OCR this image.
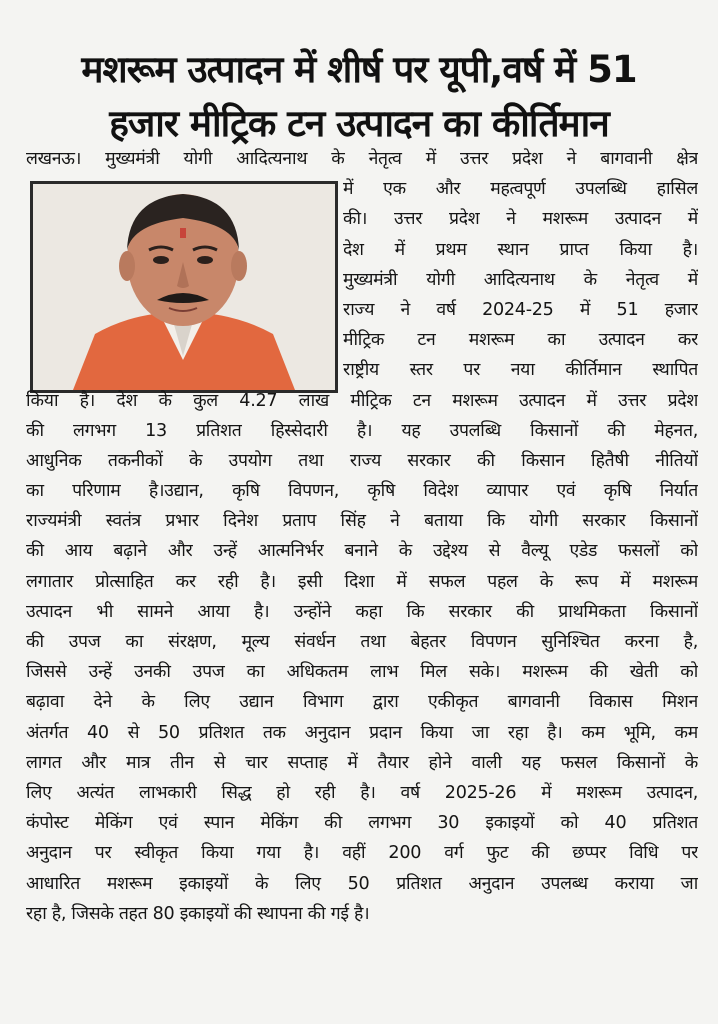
मशरूम उत्पादन में शीर्ष पर यूपी,वर्ष में 51
हजार मीट्रिक टन उत्पादन का कीर्तिमान
लखनऊ। मुख्यमंत्री योगी आदित्यनाथ के नेतृत्व में उत्तर प्रदेश ने बागवानी क्षेत्र
में एक और महत्वपूर्ण उपलब्धि हासिल
की। उत्तर प्रदेश ने मशरूम उत्पादन में
देश में प्रथम स्थान प्राप्त किया है।
मुख्यमंत्री योगी आदित्यनाथ के नेतृत्व में
राज्य ने वर्ष 2024-25 में 51 हजार
मीट्रिक टन मशरूम का उत्पादन कर
राष्ट्रीय स्तर पर नया कीर्तिमान स्थापित
किया है। देश के कुल 4.27 लाख मीट्रिक टन मशरूम उत्पादन में उत्तर प्रदेश
की लगभग 13 प्रतिशत हिस्सेदारी है। यह उपलब्धि किसानों की मेहनत,
आधुनिक तकनीकों के उपयोग तथा राज्य सरकार की किसान हितैषी नीतियों
का परिणाम है।उद्यान, कृषि विपणन, कृषि विदेश व्यापार एवं कृषि निर्यात
राज्यमंत्री स्वतंत्र प्रभार दिनेश प्रताप सिंह ने बताया कि योगी सरकार किसानों
की आय बढ़ाने और उन्हें आत्मनिर्भर बनाने के उद्देश्य से वैल्यू एडेड फसलों को
लगातार प्रोत्साहित कर रही है। इसी दिशा में सफल पहल के रूप में मशरूम
उत्पादन भी सामने आया है। उन्होंने कहा कि सरकार की प्राथमिकता किसानों
की उपज का संरक्षण, मूल्य संवर्धन तथा बेहतर विपणन सुनिश्चित करना है,
जिससे उन्हें उनकी उपज का अधिकतम लाभ मिल सके। मशरूम की खेती को
बढ़ावा देने के लिए उद्यान विभाग द्वारा एकीकृत बागवानी विकास मिशन
अंतर्गत 40 से 50 प्रतिशत तक अनुदान प्रदान किया जा रहा है। कम भूमि, कम
लागत और मात्र तीन से चार सप्ताह में तैयार होने वाली यह फसल किसानों के
लिए अत्यंत लाभकारी सिद्ध हो रही है। वर्ष 2025-26 में मशरूम उत्पादन,
कंपोस्ट मेकिंग एवं स्पान मेकिंग की लगभग 30 इकाइयों को 40 प्रतिशत
अनुदान पर स्वीकृत किया गया है। वहीं 200 वर्ग फुट की छप्पर विधि पर
आधारित मशरूम इकाइयों के लिए 50 प्रतिशत अनुदान उपलब्ध कराया जा
रहा है, जिसके तहत 80 इकाइयों की स्थापना की गई है।
